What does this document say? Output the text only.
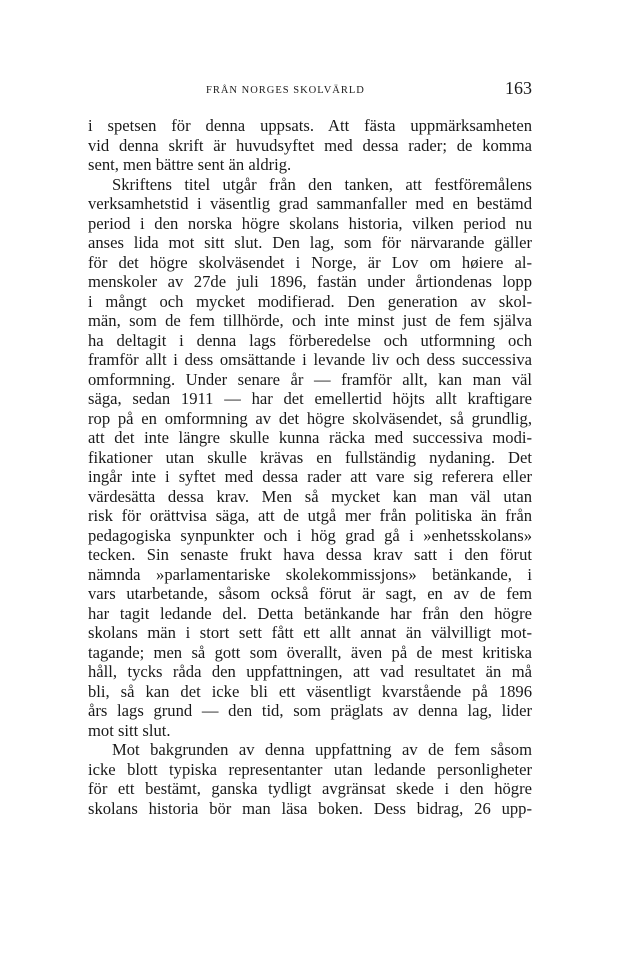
FRÅN NORGES SKOLVÄRLD	163
i spetsen för denna uppsats. Att fästa uppmärksamheten
vid denna skrift är huvudsyftet med dessa rader; de komma
sent, men bättre sent än aldrig.
Skriftens titel utgår från den tanken, att festföremålens
verksamhetstid i väsentlig grad sammanfaller med en bestämd
period i den norska högre skolans historia, vilken period nu
anses lida mot sitt slut. Den lag, som för närvarande gäller
för det högre skolväsendet i Norge, är Lov om høiere al-
menskoler av 27de juli 1896, fastän under årtiondenas lopp
i mångt och mycket modifierad. Den generation av skol-
män, som de fem tillhörde, och inte minst just de fem själva
ha deltagit i denna lags förberedelse och utformning och
framför allt i dess omsättande i levande liv och dess successiva
omformning. Under senare år — framför allt, kan man väl
säga, sedan 1911 — har det emellertid höjts allt kraftigare
rop på en omformning av det högre skolväsendet, så grundlig,
att det inte längre skulle kunna räcka med successiva modi-
fikationer utan skulle krävas en fullständig nydaning. Det
ingår inte i syftet med dessa rader att vare sig referera eller
värdesätta dessa krav. Men så mycket kan man väl utan
risk för orättvisa säga, att de utgå mer från politiska än från
pedagogiska synpunkter och i hög grad gå i »enhetsskolans»
tecken. Sin senaste frukt hava dessa krav satt i den förut
nämnda »parlamentariske skolekommissjons» betänkande, i
vars utarbetande, såsom också förut är sagt, en av de fem
har tagit ledande del. Detta betänkande har från den högre
skolans män i stort sett fått ett allt annat än välvilligt mot-
tagande; men så gott som överallt, även på de mest kritiska
håll, tycks råda den uppfattningen, att vad resultatet än må
bli, så kan det icke bli ett väsentligt kvarstående på 1896
års lags grund — den tid, som präglats av denna lag, lider
mot sitt slut.
Mot bakgrunden av denna uppfattning av de fem såsom
icke blott typiska representanter utan ledande personligheter
för ett bestämt, ganska tydligt avgränsat skede i den högre
skolans historia bör man läsa boken. Dess bidrag, 26 upp-
